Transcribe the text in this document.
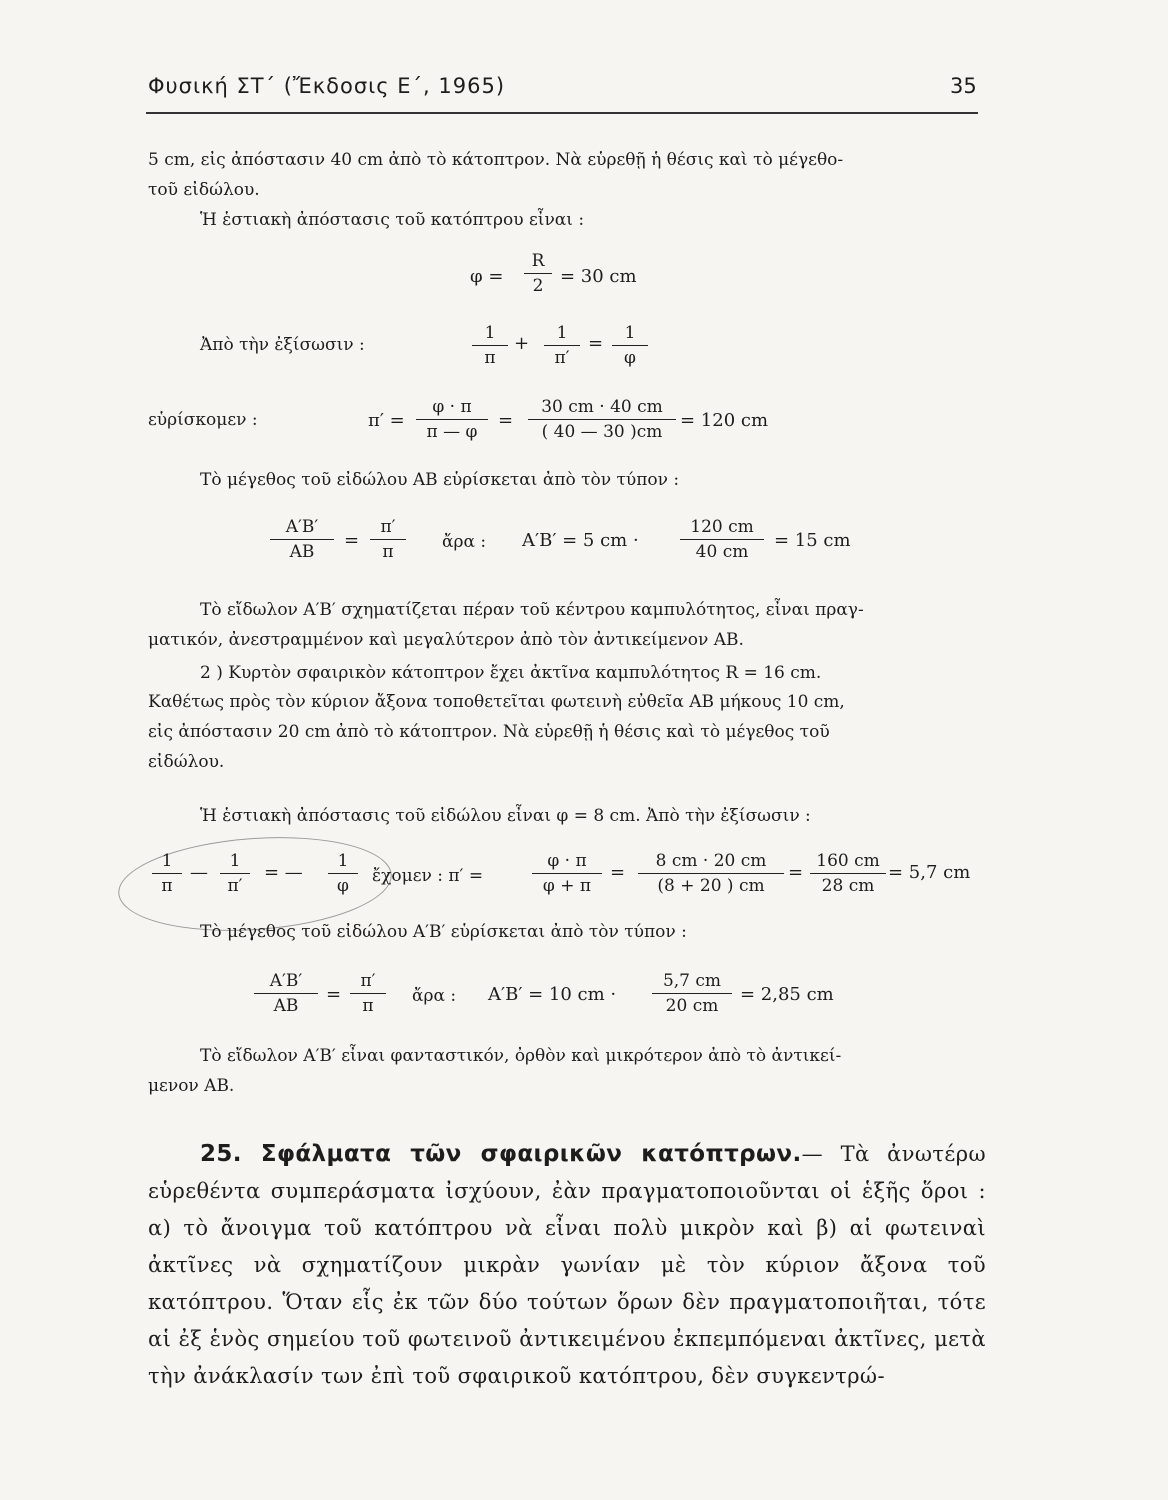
Φυσική ΣΤ΄ (Ἔκδοσις Ε΄, 1965)	35
5 cm, εἰς ἀπόστασιν 40 cm ἀπὸ τὸ κάτοπτρον. Νὰ εὑρεθῇ ἡ θέσις καὶ τὸ μέγεθο-
τοῦ εἰδώλου.
Ἡ ἑστιακὴ ἀπόστασις τοῦ κατόπτρου εἶναι :
φ =
R
2 = 30 cm
Ἀπὸ τὴν ἐξίσωσιν :
1
π
+	1
π′
=	1
φ
εὑρίσκομεν :	π′ =
φ · π
π — φ
=
30 cm · 40 cm
( 40 — 30 )cm
= 120 cm
Τὸ μέγεθος τοῦ εἰδώλου ΑΒ εὑρίσκεται ἀπὸ τὸν τύπον :
Α′Β′
ΑΒ
=
π′
π	ἄρα : Α′Β′ = 5 cm ·
120 cm
40 cm
= 15 cm
Τὸ εἴδωλον Α′Β′ σχηματίζεται πέραν τοῦ κέντρου καμπυλότητος, εἶναι πραγ-
ματικόν, ἀνεστραμμένον καὶ μεγαλύτερον ἀπὸ τὸν ἀντικείμενον ΑΒ.
2 ) Κυρτὸν σφαιρικὸν κάτοπτρον ἔχει ἀκτῖνα καμπυλότητος R = 16 cm.
Καθέτως πρὸς τὸν κύριον ἄξονα τοποθετεῖται φωτεινὴ εὐθεῖα ΑΒ μήκους 10 cm,
εἰς ἀπόστασιν 20 cm ἀπὸ τὸ κάτοπτρον. Νὰ εὑρεθῇ ἡ θέσις καὶ τὸ μέγεθος τοῦ
εἰδώλου.
Ἡ ἑστιακὴ ἀπόστασις τοῦ εἰδώλου εἶναι φ = 8 cm. Ἀπὸ τὴν ἐξίσωσιν :
1
π
—
1
π′
= —
1
φ	ἔχομεν : π′ =
φ · π
φ + π
=
8 cm · 20 cm
(8 + 20 ) cm
=
160 cm
28 cm
= 5,7 cm
Τὸ μέγεθος τοῦ εἰδώλου Α′Β′ εὑρίσκεται ἀπὸ τὸν τύπον :
Α′Β′
ΑΒ
=
π′
π	ἄρα : Α′Β′ = 10 cm ·
5,7 cm
20 cm
= 2,85 cm
Τὸ εἴδωλον Α′Β′ εἶναι φανταστικόν, ὀρθὸν καὶ μικρότερον ἀπὸ τὸ ἀντικεί-
μενον ΑΒ.
25. Σφάλματα τῶν σφαιρικῶν κατόπτρων.— Τὰ ἀνωτέρω εὑρεθέντα συμπεράσματα ἰσχύουν, ἐὰν πραγματοποιοῦνται οἱ ἑξῆς ὅροι : α) τὸ ἄνοιγμα τοῦ κατόπτρου νὰ εἶναι πολὺ μικρὸν καὶ β) αἱ φωτειναὶ ἀκτῖνες νὰ σχηματίζουν μικρὰν γωνίαν μὲ τὸν κύριον ἄξονα τοῦ κατόπτρου. Ὅταν εἷς ἐκ τῶν δύο τούτων ὅρων δὲν πραγματοποιῆται, τότε αἱ ἐξ ἑνὸς σημείου τοῦ φωτεινοῦ ἀντικειμένου ἐκπεμπόμεναι ἀκτῖνες, μετὰ τὴν ἀνάκλασίν των ἐπὶ τοῦ σφαιρικοῦ κατόπτρου, δὲν συγκεντρώ-
